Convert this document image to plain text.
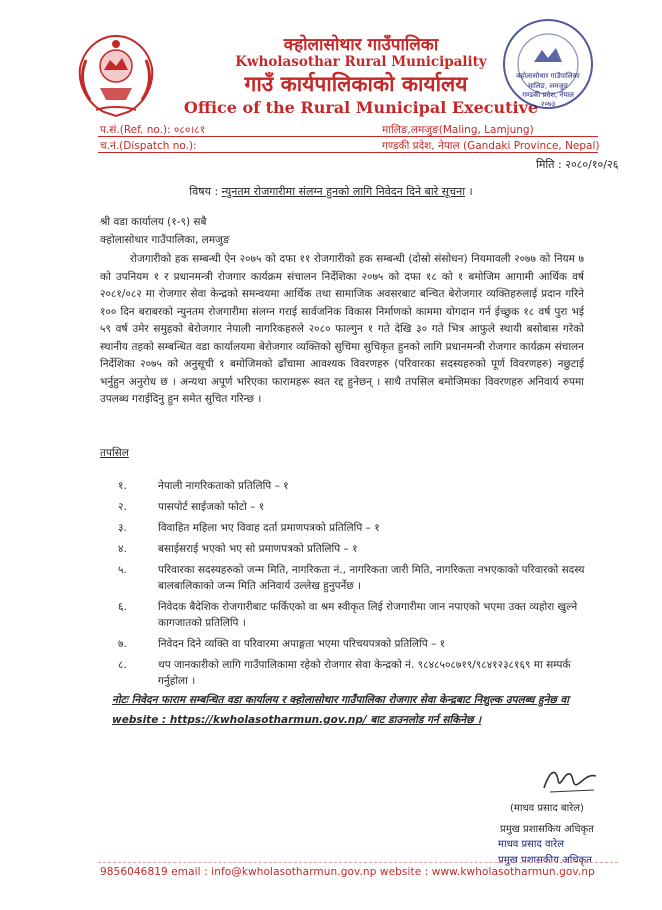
क्होलासोथार गाउँपालिका
Kwholasothar Rural Municipality
गाउँ कार्यपालिकाको कार्यालय
Office of the Rural Municipal Executive
क्होलासोथार गाउँपालिका
मालिङ, लमजुङ
गण्डकी प्रदेश, नेपाल
२०७३
प.सं.(Ref. no.): ०८०।८१
च.नं.(Dispatch no.):
मालिङ,लमजुङ(Maling, Lamjung)
गण्डकी प्रदेश, नेपाल (Gandaki Province, Nepal)
मिति : २०८०/१०/२६
विषय : न्युनतम रोजगारीमा संलग्न हुनको लागि निवेदन दिने बारे सूचना ।
श्री वडा कार्यालय (१-९) सबै
क्होलासोथार गाउँपालिका, लमजुङ

रोजगारीको हक सम्बन्धी ऐन २०७५ को दफा ११ रोजगारीको हक सम्बन्धी (दोस्रो संसोधन) नियमावली २०७७ को नियम ७ को उपनियम १ र प्रधानमन्त्री रोजगार कार्यक्रम संचालन निर्देशिका २०७५ को दफा १८ को १ बमोजिम आगामी आर्थिक वर्ष २०८१/०८२ मा रोजगार सेवा केन्द्रको समन्वयमा आर्थिक तथा सामाजिक अवसरबाट बन्चित बेरोजगार व्यक्तिहरुलाई प्रदान गरिने १०० दिन बराबरको न्युनतम रोजगारीमा संलग्न गराई सार्वजनिक विकास निर्माणको काममा योगदान गर्न ईच्छुक १८ वर्ष पुरा भई ५९ वर्ष उमेर समुहको बेरोजगार नेपाली नागरिकहरुले २०८० फाल्गुन १ गते देखि ३० गते भित्र आफुले स्थायी बसोबास गरेको स्थानीय तहको सम्बन्धित वडा कार्यालयमा बेरोजगार व्यक्तिको सुचिमा सुचिकृत हुनको लागि प्रधानमन्त्री रोजगार कार्यक्रम संचालन निर्देशिका २०७५ को अनुसूची १ बमोजिमको ढाँचामा आवश्यक विवरणहरु (परिवारका सदस्यहरुको पूर्ण विवरणहरु) नछुटाई भर्नुहुन अनुरोध छ । अन्यथा अपूर्ण भरिएका फारामहरू स्वत रद्द हुनेछन् । साथै तपसिल बमोजिमका विवरणहरु अनिवार्य रुपमा उपलब्ध गराईदिनु हुन समेत सुचित गरिन्छ ।

तपसिल
१.	नेपाली नागरिकताको प्रतिलिपि – १
२.	पासपोर्ट साईजको फोटो – १
३.	विवाहित महिला भए विवाह दर्ता प्रमाणपत्रको प्रतिलिपि – १
४.	बसाईसराई भएको भए सो प्रमाणपत्रको प्रतिलिपि – १
५.	परिवारका सदस्यहरुको जन्म मिति, नागरिकता नं., नागरिकता जारी मिति, नागरिकता नभएकाको परिवारको सदस्य बालबालिकाको जन्म मिति अनिवार्य उल्लेख हुनुपर्नेछ ।
६.	निवेदक बैदेशिक रोजगारीबाट फर्किएको वा श्रम स्वीकृत लिई रोजगारीमा जान नपाएको भएमा उक्त व्यहोरा खुल्ने कागजातको प्रतिलिपि ।
७.	निवेदन दिने व्यक्ति वा परिवारमा अपाङ्गता भएमा परिचयपत्रको प्रतिलिपि – १
८.	थप जानकारीको लागि गाउँपालिकामा रहेको रोजगार सेवा केन्द्रको नं. ९८४८५०८७१९/९८४१२३८१६९ मा सम्पर्क गर्नुहोला ।

नोटः निवेदन फाराम सम्बन्धित वडा कार्यालय र क्होलासोथार गाउँपालिका रोजगार सेवा केन्द्रबाट निशुल्क उपलब्ध हुनेछ वा website : https://kwholasotharmun.gov.np/ बाट डाउनलोड गर्न सकिनेछ ।

(माधव प्रसाद बारेल)
प्रमुख प्रशासकिय अधिकृत
माधव प्रसाद वारेल
प्रमुख प्रशासकीय अधिकृत
9856046819 email : info@kwholasotharmun.gov.np website : www.kwholasotharmun.gov.np
